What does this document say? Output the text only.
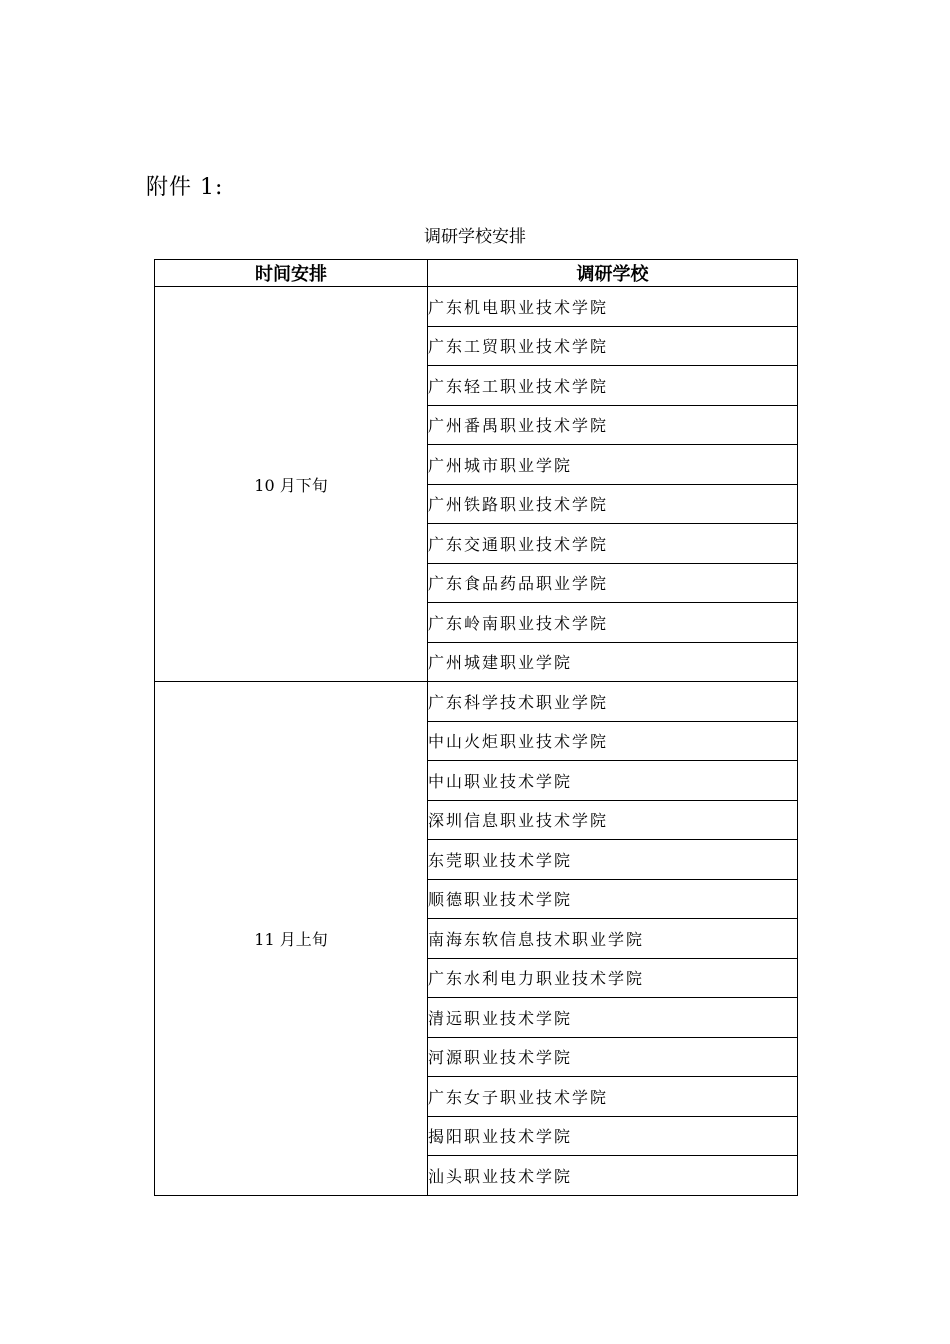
附件 1:
调研学校安排
时间安排	调研学校
10 月下旬	广东机电职业技术学院
	广东工贸职业技术学院
	广东轻工职业技术学院
	广州番禺职业技术学院
	广州城市职业学院
	广州铁路职业技术学院
	广东交通职业技术学院
	广东食品药品职业学院
	广东岭南职业技术学院
	广州城建职业学院
11 月上旬	广东科学技术职业学院
	中山火炬职业技术学院
	中山职业技术学院
	深圳信息职业技术学院
	东莞职业技术学院
	顺德职业技术学院
	南海东软信息技术职业学院
	广东水利电力职业技术学院
	清远职业技术学院
	河源职业技术学院
	广东女子职业技术学院
	揭阳职业技术学院
	汕头职业技术学院
